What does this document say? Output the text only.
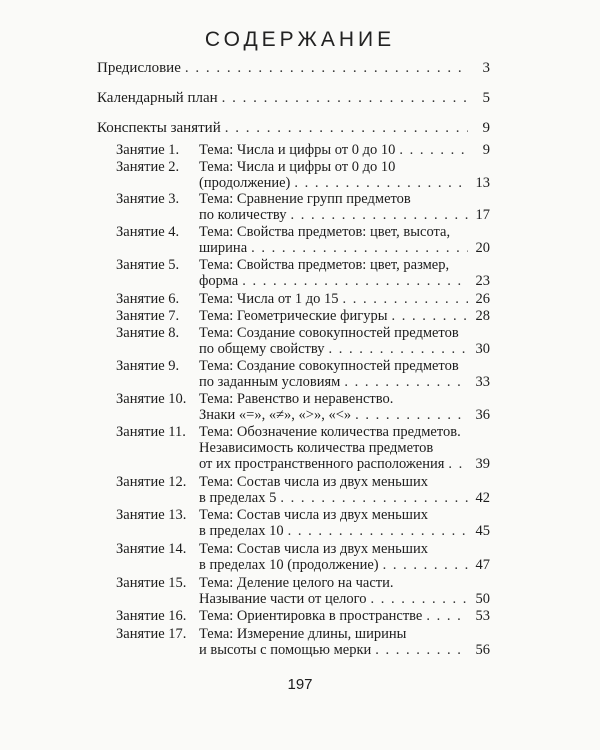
СОДЕРЖАНИЕ
Предисловие . . .	3
Календарный план . . .	5
Конспекты занятий . . .	9
Занятие 1. Тема: Числа и цифры от 0 до 10 . . .	9
Занятие 2. Тема: Числа и цифры от 0 до 10
(продолжение) . . .	13
Занятие 3. Тема: Сравнение групп предметов
по количеству . . .	17
Занятие 4. Тема: Свойства предметов: цвет, высота,
ширина . . .	20
Занятие 5. Тема: Свойства предметов: цвет, размер,
форма . . .	23
Занятие 6. Тема: Числа от 1 до 15 . . .	26
Занятие 7. Тема: Геометрические фигуры . . .	28
Занятие 8. Тема: Создание совокупностей предметов
по общему свойству . . .	30
Занятие 9. Тема: Создание совокупностей предметов
по заданным условиям . . .	33
Занятие 10. Тема: Равенство и неравенство.
Знаки «=», «≠», «>», «<» . . .	36
Занятие 11. Тема: Обозначение количества предметов.
Независимость количества предметов
от их пространственного расположения . . . 39
Занятие 12. Тема: Состав числа из двух меньших
в пределах 5 . . .	42
Занятие 13. Тема: Состав числа из двух меньших
в пределах 10 . . .	45
Занятие 14. Тема: Состав числа из двух меньших
в пределах 10 (продолжение) . . .	47
Занятие 15. Тема: Деление целого на части.
Называние части от целого . . .	50
Занятие 16. Тема: Ориентировка в пространстве . . .	53
Занятие 17. Тема: Измерение длины, ширины
и высоты с помощью мерки . . .	56
197
